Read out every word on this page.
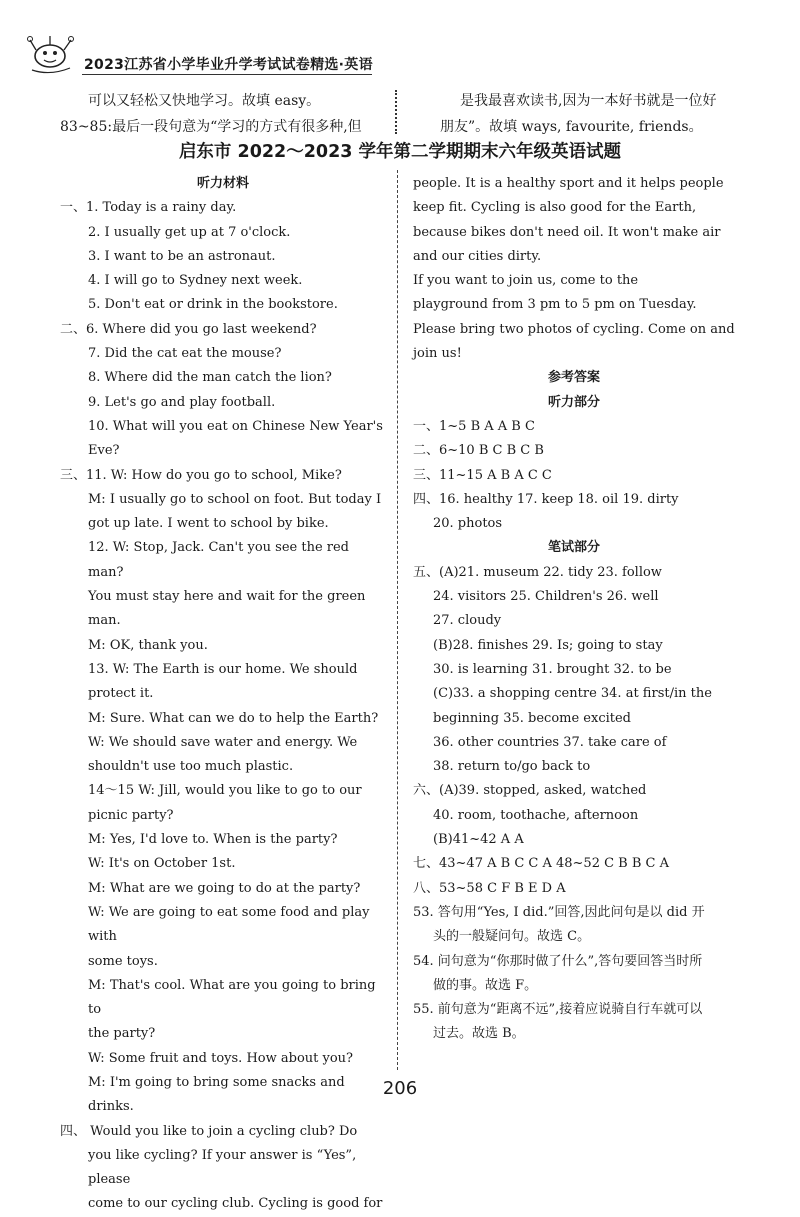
2023江苏省小学毕业升学考试试卷精选·英语

可以又轻松又快地学习。故填 easy。

83~85:最后一段句意为“学习的方式有很多种,但

是我最喜欢读书,因为一本好书就是一位好

朋友”。故填 ways, favourite, friends。

启东市 2022～2023 学年第二学期期末六年级英语试题

听力材料

一、1. Today is a rainy day.

2. I usually get up at 7 o'clock.

3. I want to be an astronaut.

4. I will go to Sydney next week.

5. Don't eat or drink in the bookstore.

二、6. Where did you go last weekend?

7. Did the cat eat the mouse?

8. Where did the man catch the lion?

9. Let's go and play football.

10. What will you eat on Chinese New Year's

Eve?

三、11. W: How do you go to school, Mike?

M: I usually go to school on foot. But today I

got up late. I went to school by bike.

12. W: Stop, Jack. Can't you see the red man?

You must stay here and wait for the green man.

M: OK, thank you.

13. W: The Earth is our home. We should

protect it.

M: Sure. What can we do to help the Earth?

W: We should save water and energy. We

shouldn't use too much plastic.

14～15 W: Jill, would you like to go to our

picnic party?

M: Yes, I'd love to. When is the party?

W: It's on October 1st.

M: What are we going to do at the party?

W: We are going to eat some food and play with

some toys.

M: That's cool. What are you going to bring to

the party?

W: Some fruit and toys. How about you?

M: I'm going to bring some snacks and drinks.

四、 Would you like to join a cycling club? Do

you like cycling? If your answer is “Yes”, please

come to our cycling club. Cycling is good for

people. It is a healthy sport and it helps people

keep fit. Cycling is also good for the Earth,

because bikes don't need oil. It won't make air

and our cities dirty.

If you want to join us, come to the

playground from 3 pm to 5 pm on Tuesday.

Please bring two photos of cycling. Come on and

join us!

参考答案

听力部分

一、1~5 B A A B C

二、6~10 B C B C B

三、11~15 A B A C C

四、16. healthy 17. keep 18. oil 19. dirty

20. photos

笔试部分

五、(A)21. museum 22. tidy 23. follow

24. visitors 25. Children's 26. well

27. cloudy

(B)28. finishes 29. Is; going to stay

30. is learning 31. brought 32. to be

(C)33. a shopping centre 34. at first/in the

beginning 35. become excited

36. other countries 37. take care of

38. return to/go back to

六、(A)39. stopped, asked, watched

40. room, toothache, afternoon

(B)41~42 A A

七、43~47 A B C C A 48~52 C B B C A

八、53~58 C F B E D A

53. 答句用“Yes, I did.”回答,因此问句是以 did 开

头的一般疑问句。故选 C。

54. 问句意为“你那时做了什么”,答句要回答当时所

做的事。故选 F。

55. 前句意为“距离不远”,接着应说骑自行车就可以

过去。故选 B。

206
